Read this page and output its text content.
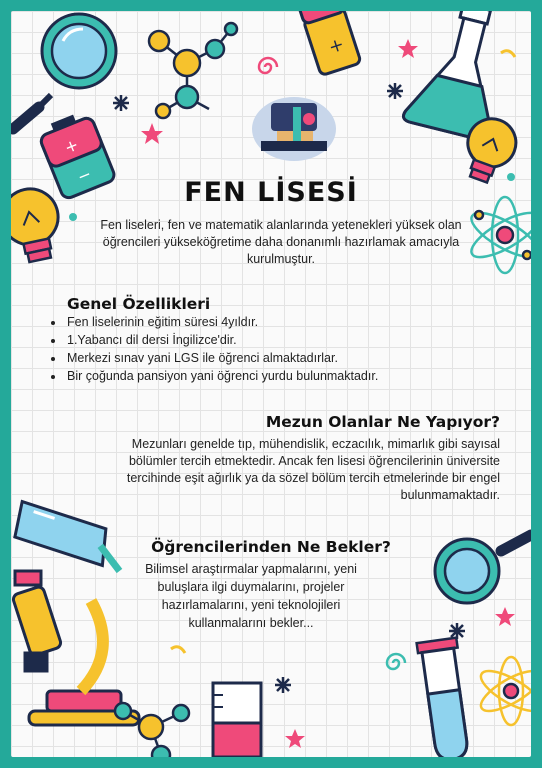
+
+
−
FEN LİSESİ
Fen liseleri, fen ve matematik alanlarında yetenekleri yüksek olan öğrencileri yükseköğretime daha donanımlı hazırlamak amacıyla kurulmuştur.
Genel Özellikleri
• Fen liselerinin eğitim süresi 4yıldır.
• 1.Yabancı dil dersi İngilizce'dir.
• Merkezi sınav yani LGS ile öğrenci almaktadırlar.
• Bir çoğunda pansiyon yani öğrenci yurdu bulunmaktadır.
Mezun Olanlar Ne Yapıyor?
Mezunları genelde tıp, mühendislik, eczacılık, mimarlık gibi sayısal bölümler tercih etmektedir. Ancak fen lisesi öğrencilerinin üniversite tercihinde eşit ağırlık ya da sözel bölüm tercih etmelerinde bir engel bulunmamaktadır.
Öğrencilerinden Ne Bekler?
Bilimsel araştırmalar yapmalarını, yeni buluşlara ilgi duymalarını, projeler hazırlamalarını, yeni teknolojileri kullanmalarını bekler...
